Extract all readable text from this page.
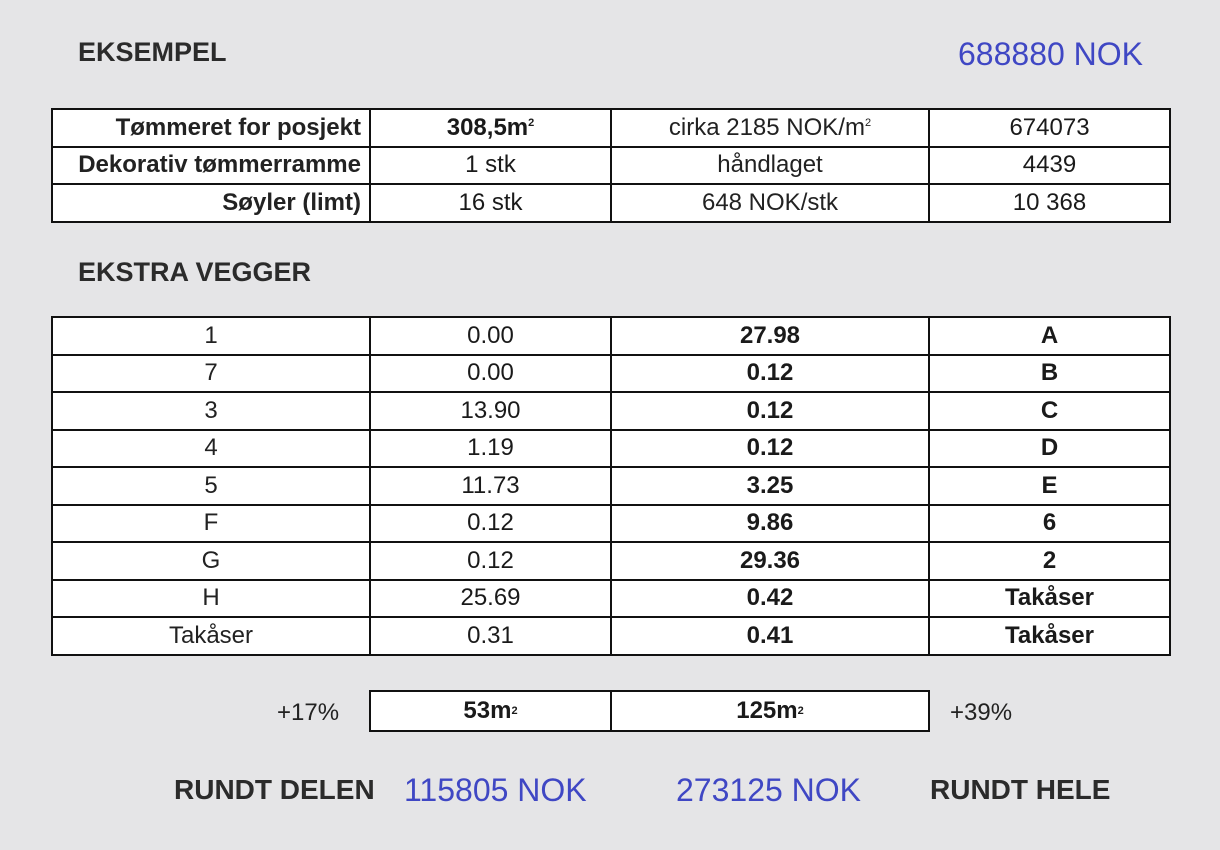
EKSEMPEL	688880 NOK
Tømmeret for posjekt	$308,5m^2$	cirka 2185 NOK/$m^2$	674073
Dekorativ tømmerramme	1 stk	håndlaget	4439
Søyler (limt)	16 stk	648 NOK/stk	10 368
EKSTRA VEGGER
1	0.00	27.98	A
7	0.00	0.12	B
3	13.90	0.12	C
4	1.19	0.12	D
5	11.73	3.25	E
F	0.12	9.86	6
G	0.12	29.36	2
H	25.69	0.42	Takåser
Takåser	0.31	0.41	Takåser
+17%	53m 2	125m 2	+39%
RUNDT DELEN 115805 NOK	273125 NOK RUNDT HELE
